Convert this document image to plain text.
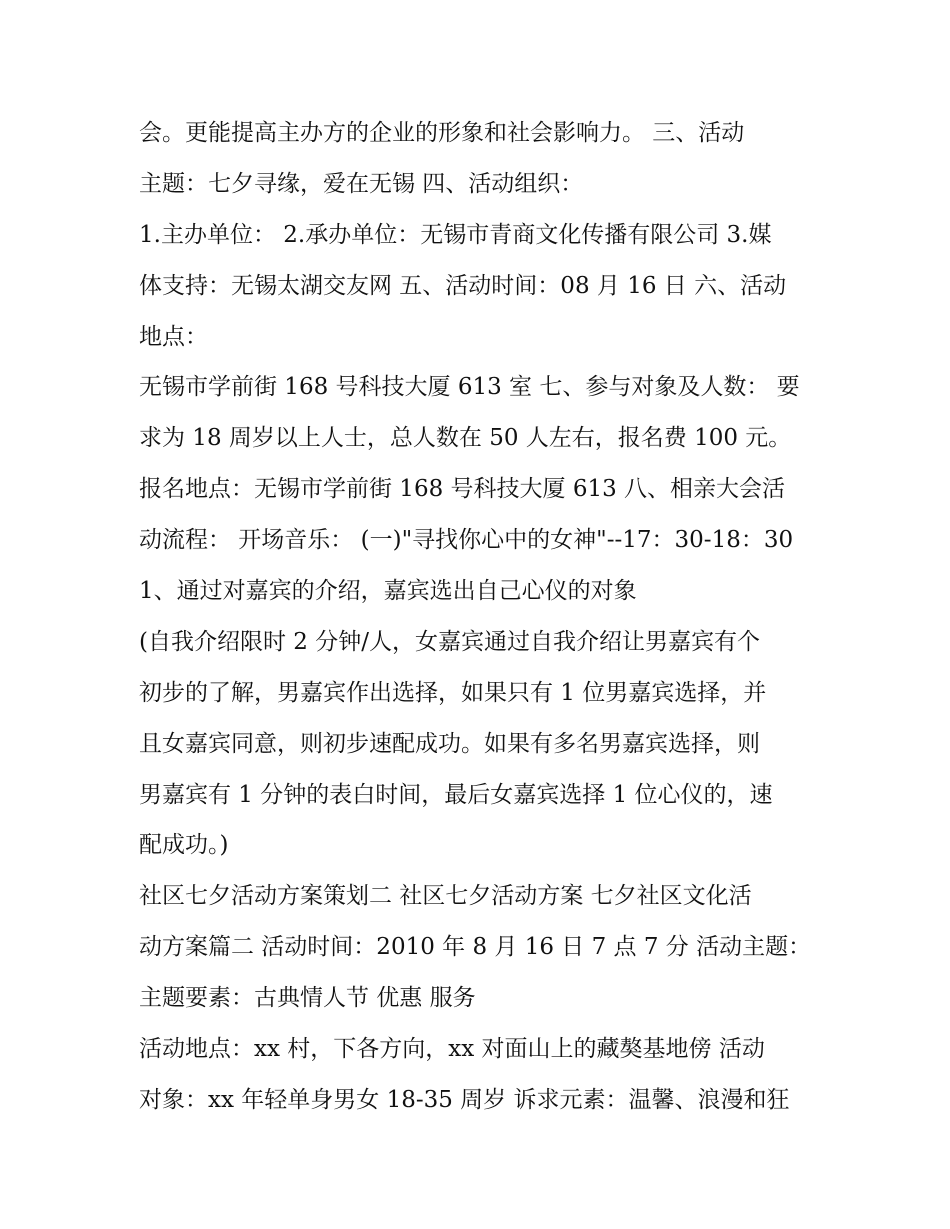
会。更能提高主办方的企业的形象和社会影响力。 三、活动
主题：七夕寻缘，爱在无锡 四、活动组织：
1.主办单位： 2.承办单位：无锡市青商文化传播有限公司 3.媒
体支持：无锡太湖交友网 五、活动时间：08 月 16 日 六、活动
地点：
无锡市学前街 168 号科技大厦 613 室 七、参与对象及人数： 要
求为 18 周岁以上人士，总人数在 50 人左右，报名费 100 元。
报名地点：无锡市学前街 168 号科技大厦 613 八、相亲大会活
动流程： 开场音乐： (一)"寻找你心中的女神"--17：30-18：30
1、通过对嘉宾的介绍，嘉宾选出自己心仪的对象
(自我介绍限时 2 分钟/人，女嘉宾通过自我介绍让男嘉宾有个
初步的了解，男嘉宾作出选择，如果只有 1 位男嘉宾选择，并
且女嘉宾同意，则初步速配成功。如果有多名男嘉宾选择，则
男嘉宾有 1 分钟的表白时间，最后女嘉宾选择 1 位心仪的，速
配成功。)
社区七夕活动方案策划二 社区七夕活动方案 七夕社区文化活
动方案篇二 活动时间：2010 年 8 月 16 日 7 点 7 分 活动主题：
主题要素：古典情人节 优惠 服务
活动地点：xx 村，下各方向，xx 对面山上的藏獒基地傍 活动
对象：xx 年轻单身男女 18-35 周岁 诉求元素：温馨、浪漫和狂
